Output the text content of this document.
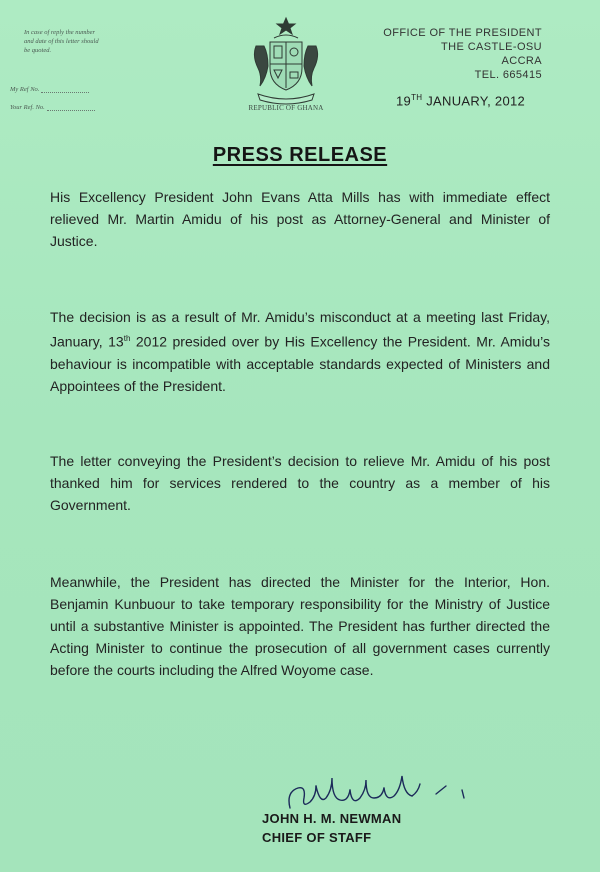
In case of reply the number and date of this letter should be quoted.
My Ref No.
Your Ref. No.	REPUBLIC OF GHANA
OFFICE OF THE PRESIDENT
THE CASTLE-OSU
ACCRA
TEL. 665415
19TH JANUARY, 2012
PRESS RELEASE

His Excellency President John Evans Atta Mills has with immediate effect relieved Mr. Martin Amidu of his post as Attorney-General and Minister of Justice.

The decision is as a result of Mr. Amidu’s misconduct at a meeting last Friday, January, 13th 2012 presided over by His Excellency the President. Mr. Amidu’s behaviour is incompatible with acceptable standards expected of Ministers and Appointees of the President.

The letter conveying the President’s decision to relieve Mr. Amidu of his post thanked him for services rendered to the country as a member of his Government.

Meanwhile, the President has directed the Minister for the Interior, Hon. Benjamin Kunbuour to take temporary responsibility for the Ministry of Justice until a substantive Minister is appointed. The President has further directed the Acting Minister to continue the prosecution of all government cases currently before the courts including the Alfred Woyome case.

JOHN H. M. NEWMAN
CHIEF OF STAFF
